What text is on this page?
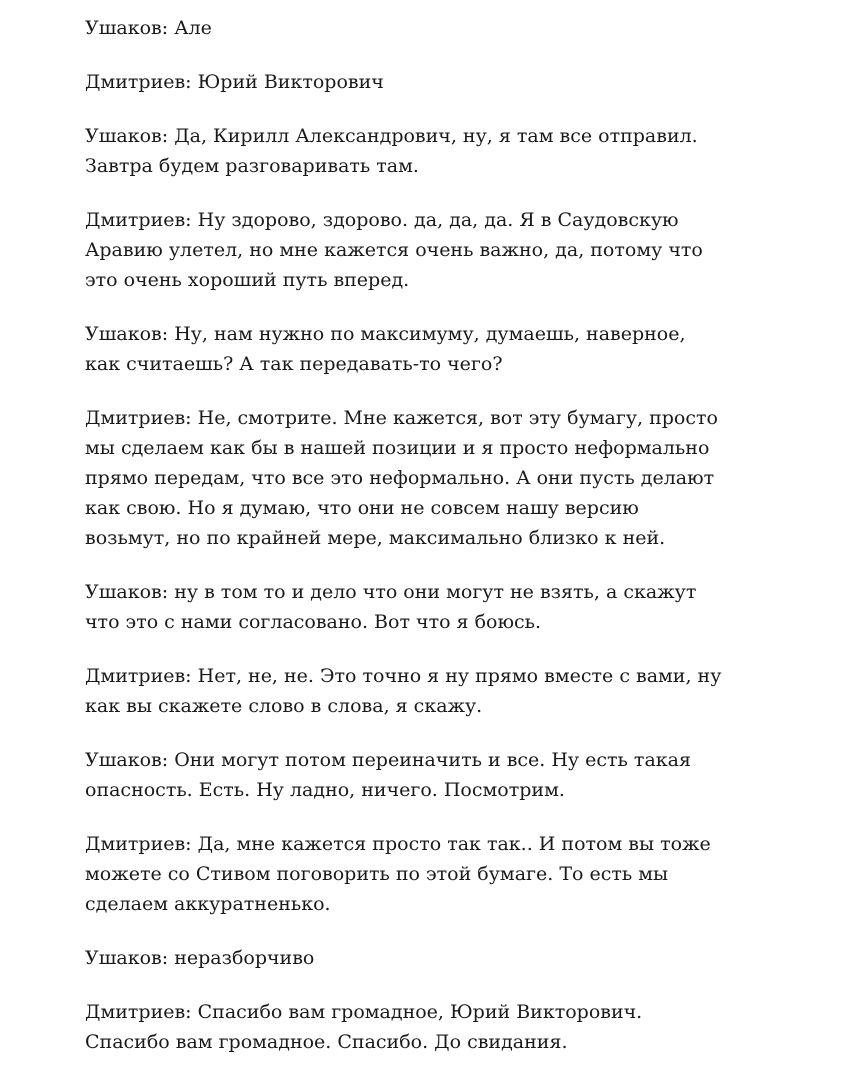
Ушаков : Але

Дмитриев : Юрий Викторович

Ушаков : Да, Кирилл Александрович, ну, я там все отправил. Завтра будем разговаривать там.

Дмитриев : Ну здорово, здорово. да, да, да. Я в Саудовскую Аравию улетел, но мне кажется очень важно, да, потому что это очень хороший путь вперед.

Ушаков : Ну, нам нужно по максимуму, думаешь, наверное, как считаешь? А так передавать-то чего?

Дмитриев : Не, смотрите. Мне кажется, вот эту бумагу, просто мы сделаем как бы в нашей позиции и я просто неформально прямо передам, что все это неформально. А они пусть делают как свою. Но я думаю, что они не совсем нашу версию возьмут, но по крайней мере, максимально близко к ней.

Ушаков : ну в том то и дело что они могут не взять, а скажут что это с нами согласовано. Вот что я боюсь.

Дмитриев : Нет, не, не. Это точно я ну прямо вместе с вами, ну как вы скажете слово в слова, я скажу.

Ушаков : Они могут потом переиначить и все. Ну есть такая опасность. Есть. Ну ладно, ничего. Посмотрим.

Дмитриев : Да, мне кажется просто так так.. И потом вы тоже можете со Стивом поговорить по этой бумаге. То есть мы сделаем аккуратненько.

Ушаков : неразборчиво

Дмитриев : Спасибо вам громадное, Юрий Викторович. Спасибо вам громадное. Спасибо. До свидания.
